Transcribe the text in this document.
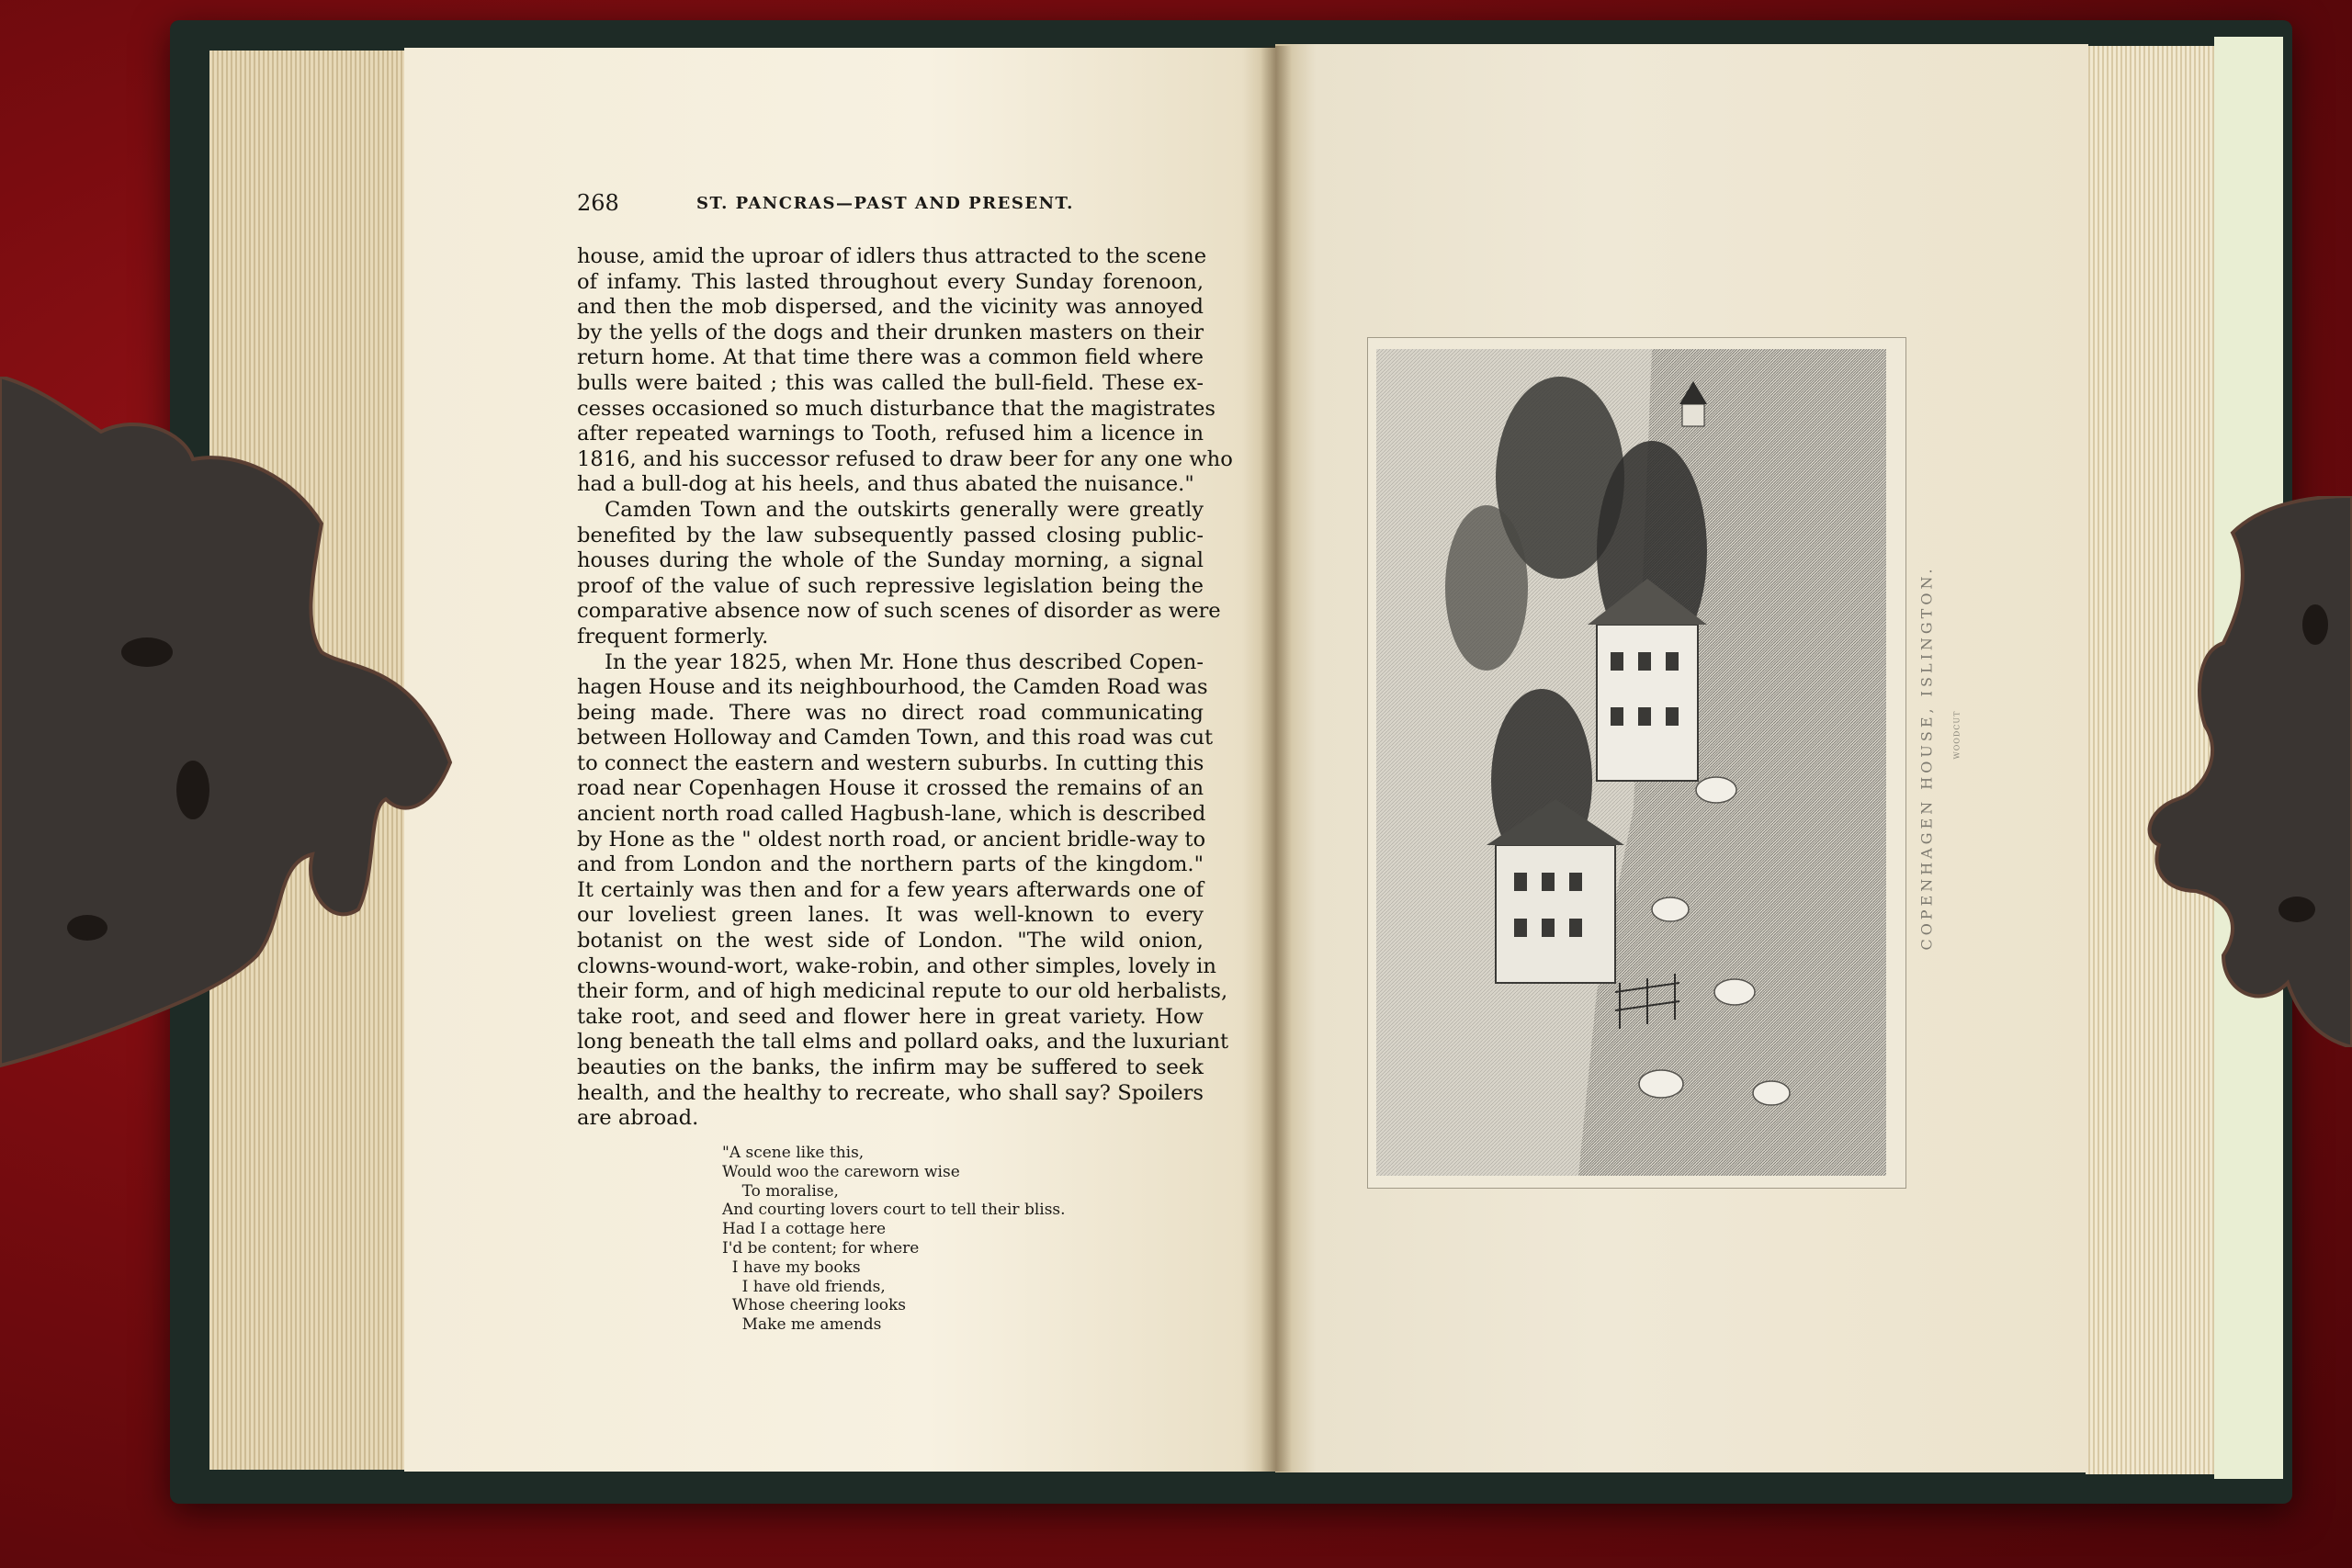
268	ST. PANCRAS—PAST AND PRESENT.
house, amid the uproar of idlers thus attracted to the scene
of infamy. This lasted throughout every Sunday forenoon,
and then the mob dispersed, and the vicinity was annoyed
by the yells of the dogs and their drunken masters on their
return home. At that time there was a common field where
bulls were baited ; this was called the bull-field. These ex-
cesses occasioned so much disturbance that the magistrates
after repeated warnings to Tooth, refused him a licence in
1816, and his successor refused to draw beer for any one who
had a bull-dog at his heels, and thus abated the nuisance."
Camden Town and the outskirts generally were greatly
benefited by the law subsequently passed closing public-
houses during the whole of the Sunday morning, a signal
proof of the value of such repressive legislation being the
comparative absence now of such scenes of disorder as were
frequent formerly.
In the year 1825, when Mr. Hone thus described Copen-
hagen House and its neighbourhood, the Camden Road was
being made. There was no direct road communicating
between Holloway and Camden Town, and this road was cut
to connect the eastern and western suburbs. In cutting this
road near Copenhagen House it crossed the remains of an
ancient north road called Hagbush-lane, which is described
by Hone as the " oldest north road, or ancient bridle-way to
and from London and the northern parts of the kingdom."
It certainly was then and for a few years afterwards one of
our loveliest green lanes. It was well-known to every
botanist on the west side of London. "The wild onion,
clowns-wound-wort, wake-robin, and other simples, lovely in
their form, and of high medicinal repute to our old herbalists,
take root, and seed and flower here in great variety. How
long beneath the tall elms and pollard oaks, and the luxuriant
beauties on the banks, the infirm may be suffered to seek
health, and the healthy to recreate, who shall say? Spoilers
are abroad.
"A scene like this,
Would woo the careworn wise
To moralise,
And courting lovers court to tell their bliss.
Had I a cottage here
I'd be content; for where
I have my books
I have old friends,
Whose cheering looks
Make me amends
COPENHAGEN HOUSE, ISLINGTON. WOODCUT
